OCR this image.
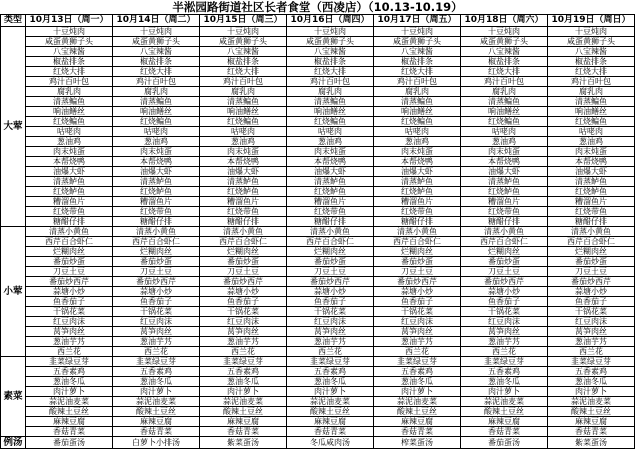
半淞园路街道社区长者食堂（西凌店）（10.13-10.19）
类型	10月13日（周一）	10月14日（周二）	10月15日（周三）	10月16日（周四）	10月17日（周五）	10月18日（周六）	10月19日（周日）
大荤	十豆炖肉	十豆炖肉	十豆炖肉	十豆炖肉	十豆炖肉	十豆炖肉	十豆炖肉
	咸蛋黄狮子头	咸蛋黄狮子头	咸蛋黄狮子头	咸蛋黄狮子头	咸蛋黄狮子头	咸蛋黄狮子头	咸蛋黄狮子头
	八宝辣酱	八宝辣酱	八宝辣酱	八宝辣酱	八宝辣酱	八宝辣酱	八宝辣酱
	椒盐排条	椒盐排条	椒盐排条	椒盐排条	椒盐排条	椒盐排条	椒盐排条
	红烧大排	红烧大排	红烧大排	红烧大排	红烧大排	红烧大排	红烧大排
	鸡汁百叶包	鸡汁百叶包	鸡汁百叶包	鸡汁百叶包	鸡汁百叶包	鸡汁百叶包	鸡汁百叶包
	腐乳肉	腐乳肉	腐乳肉	腐乳肉	腐乳肉	腐乳肉	腐乳肉
	清蒸鳊鱼	清蒸鳊鱼	清蒸鳊鱼	清蒸鳊鱼	清蒸鳊鱼	清蒸鳊鱼	清蒸鳊鱼
	响油鳝丝	响油鳝丝	响油鳝丝	响油鳝丝	响油鳝丝	响油鳝丝	响油鳝丝
	红烧鳊鱼	红烧鳊鱼	红烧鳊鱼	红烧鳊鱼	红烧鳊鱼	红烧鳊鱼	红烧鳊鱼
	咕咾肉	咕咾肉	咕咾肉	咕咾肉	咕咾肉	咕咾肉	咕咾肉
	葱油鸡	葱油鸡	葱油鸡	葱油鸡	葱油鸡	葱油鸡	葱油鸡
	肉末炖蛋	肉末炖蛋	肉末炖蛋	肉末炖蛋	肉末炖蛋	肉末炖蛋	肉末炖蛋
	本帮烧鸭	本帮烧鸭	本帮烧鸭	本帮烧鸭	本帮烧鸭	本帮烧鸭	本帮烧鸭
	油爆大虾	油爆大虾	油爆大虾	油爆大虾	油爆大虾	油爆大虾	油爆大虾
	清蒸鲈鱼	清蒸鲈鱼	清蒸鲈鱼	清蒸鲈鱼	清蒸鲈鱼	清蒸鲈鱼	清蒸鲈鱼
	红烧鲈鱼	红烧鲈鱼	红烧鲈鱼	红烧鲈鱼	红烧鲈鱼	红烧鲈鱼	红烧鲈鱼
	糟溜鱼片	糟溜鱼片	糟溜鱼片	糟溜鱼片	糟溜鱼片	糟溜鱼片	糟溜鱼片
	红烧带鱼	红烧带鱼	红烧带鱼	红烧带鱼	红烧带鱼	红烧带鱼	红烧带鱼
	糖醋仔排	糖醋仔排	糖醋仔排	糖醋仔排	糖醋仔排	糖醋仔排	糖醋仔排
小荤	清蒸小黄鱼	清蒸小黄鱼	清蒸小黄鱼	清蒸小黄鱼	清蒸小黄鱼	清蒸小黄鱼	清蒸小黄鱼
	西芹百合虾仁	西芹百合虾仁	西芹百合虾仁	西芹百合虾仁	西芹百合虾仁	西芹百合虾仁	西芹百合虾仁
	烂糊肉丝	烂糊肉丝	烂糊肉丝	烂糊肉丝	烂糊肉丝	烂糊肉丝	烂糊肉丝
	番茄炒蛋	番茄炒蛋	番茄炒蛋	番茄炒蛋	番茄炒蛋	番茄炒蛋	番茄炒蛋
	刀豆土豆	刀豆土豆	刀豆土豆	刀豆土豆	刀豆土豆	刀豆土豆	刀豆土豆
	番茄炒西芹	番茄炒西芹	番茄炒西芹	番茄炒西芹	番茄炒西芹	番茄炒西芹	番茄炒西芹
	蒜塘小炒	蒜塘小炒	蒜塘小炒	蒜塘小炒	蒜塘小炒	蒜塘小炒	蒜塘小炒
	鱼香茄子	鱼香茄子	鱼香茄子	鱼香茄子	鱼香茄子	鱼香茄子	鱼香茄子
	干锅花菜	干锅花菜	干锅花菜	干锅花菜	干锅花菜	干锅花菜	干锅花菜
	红豆肉沫	红豆肉沫	红豆肉沫	红豆肉沫	红豆肉沫	红豆肉沫	红豆肉沫
	莴笋肉丝	莴笋肉丝	莴笋肉丝	莴笋肉丝	莴笋肉丝	莴笋肉丝	莴笋肉丝
	葱油芋艿	葱油芋艿	葱油芋艿	葱油芋艿	葱油芋艿	葱油芋艿	葱油芋艿
	西兰花	西兰花	西兰花	西兰花	西兰花	西兰花	西兰花
素菜	韭菜绿豆芽	韭菜绿豆芽	韭菜绿豆芽	韭菜绿豆芽	韭菜绿豆芽	韭菜绿豆芽	韭菜绿豆芽
	五香素鸡	五香素鸡	五香素鸡	五香素鸡	五香素鸡	五香素鸡	五香素鸡
	葱油冬瓜	葱油冬瓜	葱油冬瓜	葱油冬瓜	葱油冬瓜	葱油冬瓜	葱油冬瓜
	肉汁萝卜	肉汁萝卜	肉汁萝卜	肉汁萝卜	肉汁萝卜	肉汁萝卜	肉汁萝卜
	蒜泥油麦菜	蒜泥油麦菜	蒜泥油麦菜	蒜泥油麦菜	蒜泥油麦菜	蒜泥油麦菜	蒜泥油麦菜
	酸辣土豆丝	酸辣土豆丝	酸辣土豆丝	酸辣土豆丝	酸辣土豆丝	酸辣土豆丝	酸辣土豆丝
	麻辣豆腐	麻辣豆腐	麻辣豆腐	麻辣豆腐	麻辣豆腐	麻辣豆腐	麻辣豆腐
	香菇青菜	香菇青菜	香菇青菜	香菇青菜	香菇青菜	香菇青菜	香菇青菜
例汤	番茄蛋汤	白萝卜小排汤	紫菜蛋汤	冬瓜咸肉汤	榨菜蛋汤	番茄蛋汤	紫菜蛋汤
